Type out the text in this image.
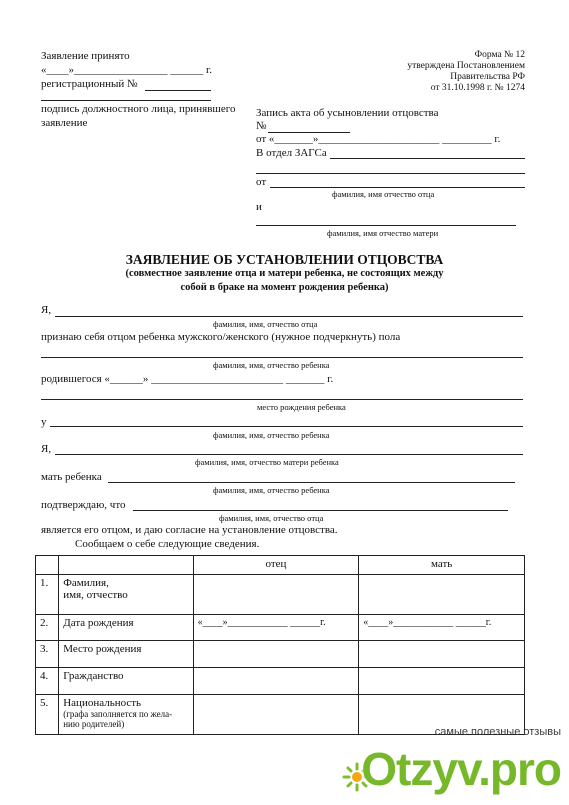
Заявление принято
«____»_________________ ______ г.
регистрационный №
подпись должностного лица, принявшего
заявление
Форма № 12
утверждена Постановлением
Правительства РФ
от 31.10.1998 г. № 1274
Запись акта об усыновлении отцовства
№
от «_______»______________________ _________ г.
В отдел ЗАГСа
от
фамилия, имя отчество отца
и
фамилия, имя отчество матери
ЗАЯВЛЕНИЕ ОБ УСТАНОВЛЕНИИ ОТЦОВСТВА
(совместное заявление отца и матери ребенка, не состоящих между
собой в браке на момент рождения ребенка)
Я,
фамилия, имя, отчество отца
признаю себя отцом ребенка мужского/женского (нужное подчеркнуть) пола
фамилия, имя, отчество ребенка
родившегося «______» ________________________ _______ г.
место рождения ребенка
у
фамилия, имя, отчество ребенка
Я,
фамилия, имя, отчество матери ребенка
мать ребенка
фамилия, имя, отчество ребенка
подтверждаю, что
фамилия, имя, отчество отца
является его отцом, и даю согласие на установление отцовства.
Сообщаем о себе следующие сведения.
		отец	мать
1.	Фамилия,
имя, отчество		

2.	Дата рождения	«____»____________ ______г.	«____»____________ ______г.
3.	Место рождения		
4.	Гражданство		
5.	Национальность
(графа заполняется по жела-
нию родителей)		

самые полезные отзывы
Otzyv.pro
